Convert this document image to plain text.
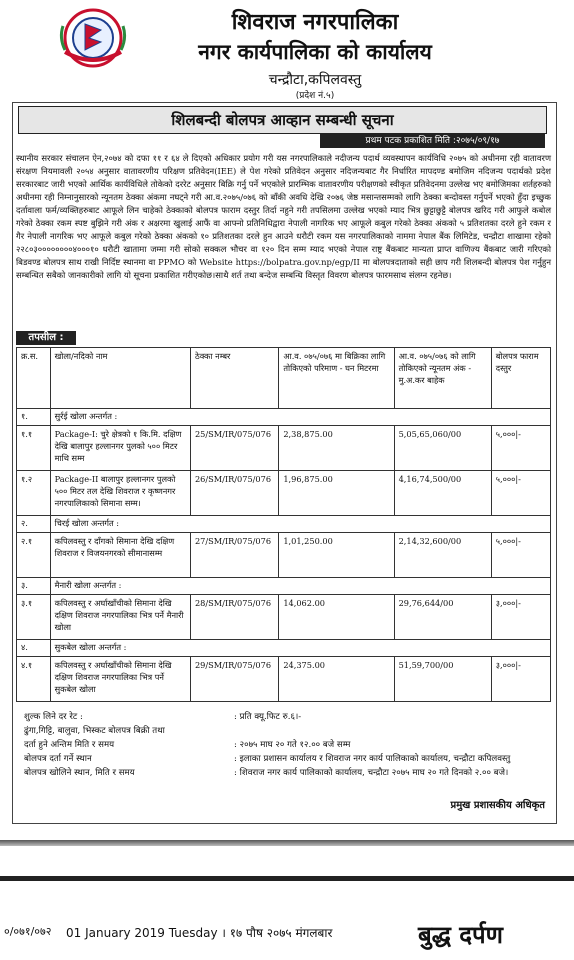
शिवराज नगरपालिका
नगर कार्यपालिका को कार्यालय
चन्द्रौटा,कपिलवस्तु
(प्रदेश नं.५)
शिलबन्दी बोलपत्र आव्हान सम्बन्धी सूचना
प्रथम पटक प्रकाशित मिति :२०७५/०९/१७
स्थानीय सरकार संचालन ऐन,२०७४ को दफा ११ र ६४ ले दिएको अधिकार प्रयोग गरी यस नगरपालिकाले नदीजन्य पदार्थ व्यवस्थापन कार्यविधि २०७५ को अधीनमा रही वातावरण संरक्षण नियमावली २०५४ अनुसार वातावरणीय परिक्षण प्रतिवेदन(IEE) ले पेश गरेको प्रतिवेदन अनुसार नदिजन्यबाट गैर निर्धारित मापदण्ड बमोजिम नदिजन्य पदार्थको प्रदेश सरकारबाट जारी भएको आर्थिक कार्यविधिले तोकेको दररेट अनुसार बिक्रि गर्नु पर्ने भएकोले प्रारम्भिक वातावरणीय परीक्षणको स्वीकृत प्रतिवेदनमा उल्लेख भए बमोजिमका शर्तहरुको अधीनमा रही निम्नानुसारको न्यूनतम ठेक्का अंकमा नघट्ने गरी आ.व.२०७५/०७६ को बाँकी अवधि देखि २०७६ जेष्ठ मसान्तसम्मको लागि ठेक्का बन्दोवस्त गर्नुपर्ने भएको हुँदा इच्छुक दर्तावाला फर्म/व्यक्तिहरुबाट आफूले लिन चाहेको ठेक्काको बोलपत्र फाराम दस्तुर तिर्दा नहुने गरी तपसिलमा उल्लेख भएको म्याद भित्र छुट्टाछुट्टै बोलपत्र खरिद गरी आफुले कबोल गरेको ठेक्का रकम स्पष्ट बुझिने गरी अंक र अक्षरमा खुलाई आफैं वा आफ्नो प्रतिनिधिद्वारा नेपाली नागरिक भए आफूले कबुल गरेको ठेक्का अंकको ५ प्रतिशतका दरले हुने रकम र गैर नेपाली नागरिक भए आफूले कबुल गरेको ठेक्का अंकको १० प्रतिशतका दरले हुन आउने धरौटी रकम यस नगरपालिकाको नाममा नेपाल बैंक लिमिटेड, चन्द्रौटा शाखामा रहेको २२८०३००००००००४०००१० धरौटी खातामा जम्मा गरी सोको सक्कल भौचर वा १२० दिन सम्म म्याद भएको नेपाल राष्ट्र बैंकबाट मान्यता प्राप्त वाणिज्य बैंकबाट जारी गरिएको बिडवण्ड बोलपत्र साथ राखी निर्दिष्ट स्थानमा वा PPMO को Website https://bolpatra.gov.np/egp/II मा बोलपत्रदाताको सही छाप गरी शिलबन्दी बोलपत्र पेश गर्नुहुन सम्बन्धित सबैको जानकारीको लागि यो सूचना प्रकाशित गरीएकोछ।साथै शर्त तथा बन्देज सम्बन्धि विस्तृत विवरण बोलपत्र फारमसाथ संलग्न रहनेछ।
तपसील :
क्र.स.	खोला/नदिको नाम	ठेक्का नम्बर	आ.व. ०७५/०७६ मा बिक्रिका लागि तोकिएको परिमाण - घन मिटरमा	आ.व. ०७५/०७६ को लागि तोकिएको न्यूनतम अंक - मु.अ.कर बाहेक	बोलपत्र फाराम दस्तुर
१.	सुर्रई खोला अन्तर्गत :				
१.१	Package-I: चुरे क्षेत्रको १ कि.मि. दक्षिण देखि बालापुर हल्लानगर पुलको ५०० मिटर माथि सम्म	25/SM/IR/075/076	2,38,875.00	5,05,65,060/00	५,०००|-
१.२	Package-II बालापुर हल्लानगर पुलको ५०० मिटर तल देखि शिवराज र कृष्णनगर नगरपालिकाको सिमाना सम्म।	26/SM/IR/075/076	1,96,875.00	4,16,74,500/00	५,०००|-
२.	चिरई खोला अन्तर्गत :				
२.१	कपिलवस्तु र दाँगको सिमाना देखि दक्षिण शिवराज र विजयनगरको सीमानासम्म	27/SM/IR/075/076	1,01,250.00	2,14,32,600/00	५,०००|-
३.	मैनारी खोला अन्तर्गत :				
३.१	कपिलवस्तु र अर्घाखाँचीको सिमाना देखि दक्षिण शिवराज नगरपालिका भित्र पर्ने मैनारी खोला	28/SM/IR/075/076	14,062.00	29,76,644/00	३,०००|-
४.	सुकबेल खोला अन्तर्गत :				
४.१	कपिलवस्तु र अर्घाखाँचीको सिमाना देखि दक्षिण शिवराज नगरपालिका भित्र पर्ने सुकबेल खोला	29/SM/IR/075/076	24,375.00	51,59,700/00	३,०००|-
शुल्क लिने दर रेट :	: प्रति क्यू.फिट रु.६।-
ढुंगा,गिट्टि, बालुवा, भिस्कट बोलपत्र बिक्री तथा
दर्ता हुने अन्तिम मिति र समय	: २०७५ माघ २० गते १२.०० बजे सम्म
बोलपत्र दर्ता गर्ने स्थान	: इलाका प्रशासन कार्यालय र शिवराज नगर कार्य पालिकाको कार्यालय, चन्द्रौटा कपिलवस्तु
बोलपत्र खोलिने स्थान, मिति र समय	: शिवराज नगर कार्य पालिकाको कार्यालय, चन्द्रौटा २०७५ माघ २० गते दिनको २.०० बजे।
प्रमुख प्रशासकीय अधिकृत
०/०७१/०७२ 01 January 2019 Tuesday । १७ पौष २०७५ मंगलबार	बुद्ध दर्पण
